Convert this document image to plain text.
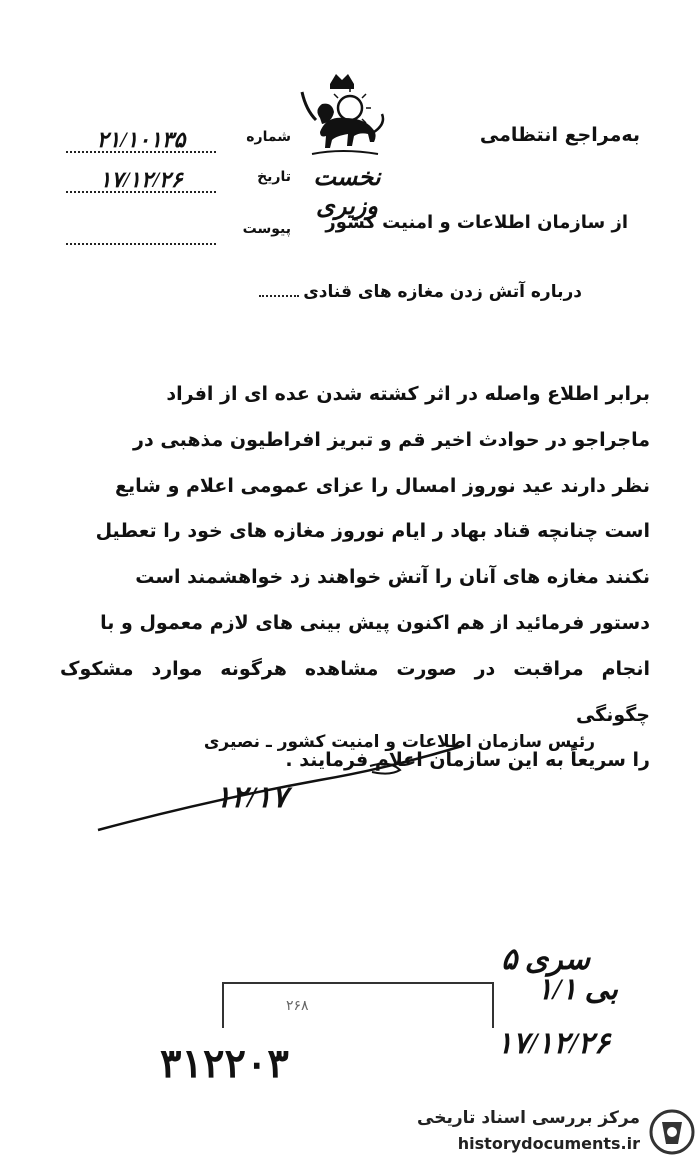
به‌مراجع انتظامی
نخست وزیری
از سازمان اطلاعات و امنیت کشور
شماره
۲۱/۱۰۱۳۵
تاریخ
۱۷/۱۲/۲۶
پیوست
درباره آتش زدن مغازه های قنادی

برابر اطلاع واصله در اثر کشته شدن عده ای از افراد

ماجراجو در حوادث اخیر قم و تبریز افراطیون مذهبی در

نظر دارند عید نوروز امسال را عزای عمومی اعلام و شایع

است چنانچه قناد بهاد ر ایام نوروز مغازه های خود را تعطیل

نکنند مغازه های آنان را آتش خواهند زد خواهشمند است

دستور فرمائید از هم اکنون پیش بینی های لازم معمول و با

انجام مراقبت در صورت مشاهده هرگونه موارد مشکوک چگونگی

را سریعاً به این سازمان اعلام فرمایند .

رئیس سازمان اطلاعات و امنیت کشور ـ نصیری
۱۲/۱۷
۲۶۸
سری ۵
بی ۱/۱
۱۷/۱۲/۲۶
۳۱۲۲۰۳
مرکز بررسی اسناد تاریخی
historydocuments.ir
